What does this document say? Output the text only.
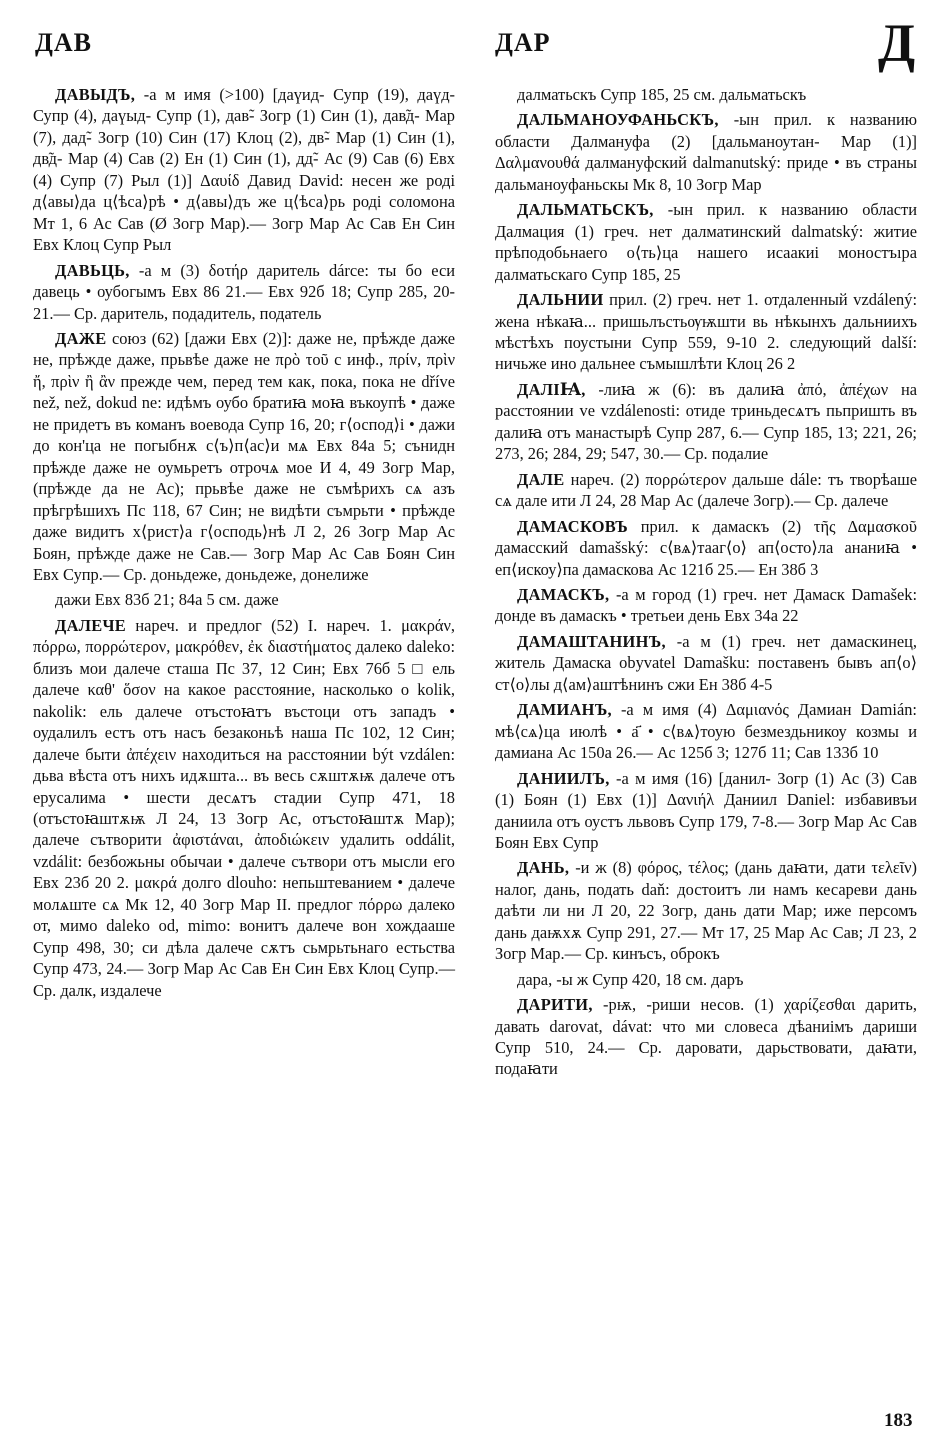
ДАВ	ДАР	Д

ДАВЫДЪ, -а м имя (>100) [даүид- Супр (19), даүд- Супр (4), даүыд- Супр (1), дав̃- Зогр (1) Син (1), дав̃д- Мар (7), дад̃- Зогр (10) Син (17) Клоц (2), дв̃- Мар (1) Син (1), дв̃д- Мар (4) Сав (2) Ен (1) Син (1), дд̃- Ас (9) Сав (6) Евх (4) Супр (7) Рыл (1)] Δαυίδ Давид David: несен же роді д⟨авы⟩да ц⟨ѣса⟩рѣ • д⟨авы⟩дъ же ц⟨ѣса⟩рь роді соломона Мт 1, 6 Ас Сав (Ø Зогр Мар).— Зогр Мар Ас Сав Ен Син Евх Клоц Супр Рыл

ДАВЬЦЬ, -а м (3) δοτήρ даритель dárce: ты бо еси давець • оубогымъ Евх 86 21.— Евх 92б 18; Супр 285, 20-21.— Ср. даритель, подадитель, податель

ДАЖЕ союз (62) [дажи Евх (2)]: даже не, прѣжде даже не, прѣжде даже, прьвѣе даже не πρὸ τοῦ с инф., πρίν, πρὶν ἤ, πρὶν ἢ ἂν прежде чем, перед тем как, пока, пока не dříve než, než, dokud ne: идѣмъ оубо братиꙗ моꙗ въкоупѣ • даже не придетъ въ команъ воевода Супр 16, 20; г⟨оспод⟩і • дажи до кон'ца не погыбнѫ с⟨ъ⟩п⟨ас⟩и мѧ Евх 84а 5; сънидн прѣжде даже не оумьретъ отрочѧ мое И 4, 49 Зогр Мар, (прѣжде да не Ас); прьвѣе даже не съмѣрихъ сѧ азъ прѣгрѣшихъ Пс 118, 67 Син; не видѣти съмрьти • прѣжде даже видитъ х⟨рист⟩а г⟨осподь⟩нѣ Л 2, 26 Зогр Мар Ас Боян, прѣжде даже не Сав.— Зогр Мар Ас Сав Боян Син Евх Супр.— Ср. доньдеже, доньдеже, донелиже

дажи Евх 83б 21; 84а 5 см. даже

ДАЛЕЧЕ нареч. и предлог (52) I. нареч. 1. μακράν, πόρρω, πορρώτερον, μακρόθεν, ἐκ διαστήματος далеко daleko: близъ мои далече сташа Пс 37, 12 Син; Евх 76б 5 □ ель далече καθ' ὅσον на какое расстояние, насколько o kolik, nakolik: ель далече отъстоꙗтъ въстоци отъ западъ • оудалилъ естъ отъ насъ безаконьѣ наша Пс 102, 12 Син; далече быти ἀπέχειν находиться на расстоянии být vzdálen: дьва вѣста отъ нихъ идѫшта... въ весь сѫштѫѭ далече отъ ерусалима • шести десѧтъ стадии Супр 471, 18 (отъстоꙗштѫѭ Л 24, 13 Зогр Ас, отъстоꙗштѫ Мар); далече сътворити ἀφιστάναι, ἀποδιώκειν удалить oddálit, vzdálit: безбожьны обычаи • далече сътвори отъ мысли его Евх 23б 20 2. μακρά долго dlouho: непьштеванием • далече молѧште сѧ Мк 12, 40 Зогр Мар II. предлог πόρρω далеко от, мимо daleko od, mimo: вонитъ далече вон хождааше Супр 498, 30; си дѣла далече сѫтъ сьмрьтьнаго естьства Супр 473, 24.— Зогр Мар Ас Сав Ен Син Евх Клоц Супр.— Ср. далк, издалече

далматьскъ Супр 185, 25 см. дальматьскъ

ДАЛЬМАНОУФАНЬСКЪ, -ын прил. к названию области Далмануфа (2) [дальманоутан- Мар (1)] Δαλμανουθά далмануфский dalmanutský: приде • въ страны дальманоуфаньскы Мк 8, 10 Зогр Мар

ДАЛЬМАТЬСКЪ, -ын прил. к названию области Далмация (1) греч. нет далматинский dalmatský: житие прѣподобьнаего о⟨ть⟩ца нашего исаакиі моностъıра далматьскаго Супр 185, 25

ДАЛЬНИИ прил. (2) греч. нет 1. отдаленный vzdálený: жена нѣкаꙗ... пришьлъстьѹѭшти вь нѣкынхъ дальниихъ мѣстѣхъ поустыни Супр 559, 9-10 2. следующий další: ничьже ино дальнее съмышлѣти Клоц 26 2

ДАЛІꙖ, -лиꙗ ж (6): въ далиꙗ ἀπό, ἀπέχων на расстоянии ve vzdálenosti: отиде триньдесѧтъ пьпришть въ далиꙗ отъ манастырѣ Супр 287, 6.— Супр 185, 13; 221, 26; 273, 26; 284, 29; 547, 30.— Ср. подалие

ДАЛЕ нареч. (2) πορρώτερον дальше dále: тъ творѣаше сѧ дале ити Л 24, 28 Мар Ас (далече Зогр).— Ср. далече

ДАМАСКОВЪ прил. к дамаскъ (2) τῆς Δαμασκοῦ дамасский damašský: с⟨вѧ⟩тааг⟨о⟩ ап⟨осто⟩ла ананиꙗ • еп⟨искоу⟩па дамаскова Ас 121б 25.— Ен 38б 3

ДАМАСКЪ, -а м город (1) греч. нет Дамаск Damašek: донде въ дамаскъ • третьеи день Евх 34а 22

ДАМАШТАНИНЪ, -а м (1) греч. нет дамаскинец, житель Дамаска obyvatel Damašku: поставенъ бывъ ап⟨о⟩ст⟨о⟩лы д⟨ам⟩аштѣнинъ сжи Ен 38б 4-5

ДАМИАНЪ, -а м имя (4) Δαμιανός Дамиан Damián: мѣ⟨сѧ⟩ца июлѣ • а҃ • с⟨вѧ⟩тоую безмездьникоу козмы и дамиана Ас 150а 26.— Ас 125б 3; 127б 11; Сав 133б 10

ДАНИИЛЪ, -а м имя (16) [данил- Зогр (1) Ас (3) Сав (1) Боян (1) Евх (1)] Δανιήλ Даниил Daniel: избавивъи даниила отъ оустъ львовъ Супр 179, 7-8.— Зогр Мар Ас Сав Боян Евх Супр

ДАНЬ, -и ж (8) φόρος, τέλος; (дань даꙗти, дати τελεῖν) налог, дань, подать daň: достоитъ ли намъ кесареви дань даѣти ли ни Л 20, 22 Зогр, дань дати Мар; иже персомъ дань даѭхѫ Супр 291, 27.— Мт 17, 25 Мар Ас Сав; Л 23, 2 Зогр Мар.— Ср. кинъсъ, оброкъ

дара, -ы ж Супр 420, 18 см. даръ

ДАРИТИ, -рѭ, -риши несов. (1) χαρίζεσθαι дарить, давать darovat, dávat: что ми словеса дѣаниімъ дариши Супр 510, 24.— Ср. даровати, дарьствовати, даꙗти, подаꙗти

183
